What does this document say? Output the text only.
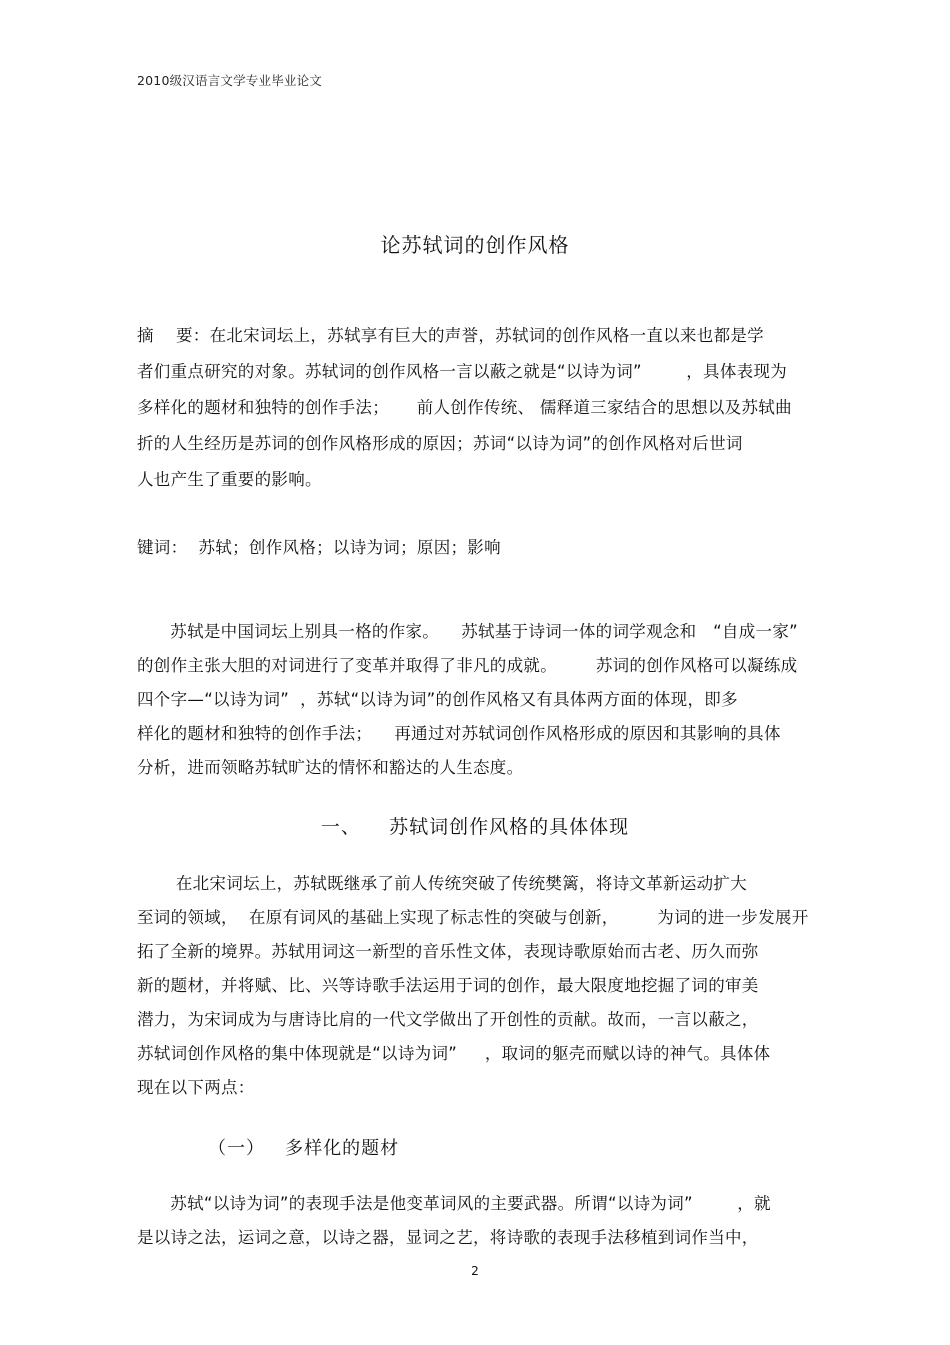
2010级汉语言文学专业毕业论文
论苏轼词的创作风格
摘    要：在北宋词坛上，苏轼享有巨大的声誉，苏轼词的创作风格一直以来也都是学
者们重点研究的对象。苏轼词的创作风格一言以蔽之就是“以诗为词”        ，具体表现为
多样化的题材和独特的创作手法；     前人创作传统、 儒释道三家结合的思想以及苏轼曲
折的人生经历是苏词的创作风格形成的原因；苏词“以诗为词”的创作风格对后世词
人也产生了重要的影响。
键词：  苏轼；创作风格；以诗为词；原因；影响
苏轼是中国词坛上别具一格的作家。    苏轼基于诗词一体的词学观念和   “自成一家”
的创作主张大胆的对词进行了变革并取得了非凡的成就。       苏词的创作风格可以凝练成
四个字—“以诗为词”  ，苏轼“以诗为词”的创作风格又有具体两方面的体现，即多
样化的题材和独特的创作手法；    再通过对苏轼词创作风格形成的原因和其影响的具体
分析，进而领略苏轼旷达的情怀和豁达的人生态度。
一、    苏轼词创作风格的具体体现
在北宋词坛上，苏轼既继承了前人传统突破了传统樊篱，将诗文革新运动扩大
至词的领域，  在原有词风的基础上实现了标志性的突破与创新，       为词的进一步发展开
拓了全新的境界。苏轼用词这一新型的音乐性文体，表现诗歌原始而古老、历久而弥
新的题材，并将赋、比、兴等诗歌手法运用于词的创作，最大限度地挖掘了词的审美
潜力，为宋词成为与唐诗比肩的一代文学做出了开创性的贡献。故而，一言以蔽之，
苏轼词创作风格的集中体现就是“以诗为词”     ，取词的躯壳而赋以诗的神气。具体体
现在以下两点：
（一）   多样化的题材
苏轼“以诗为词”的表现手法是他变革词风的主要武器。所谓“以诗为词”        ，就
是以诗之法，运词之意，以诗之器，显词之艺，将诗歌的表现手法移植到词作当中，
2
